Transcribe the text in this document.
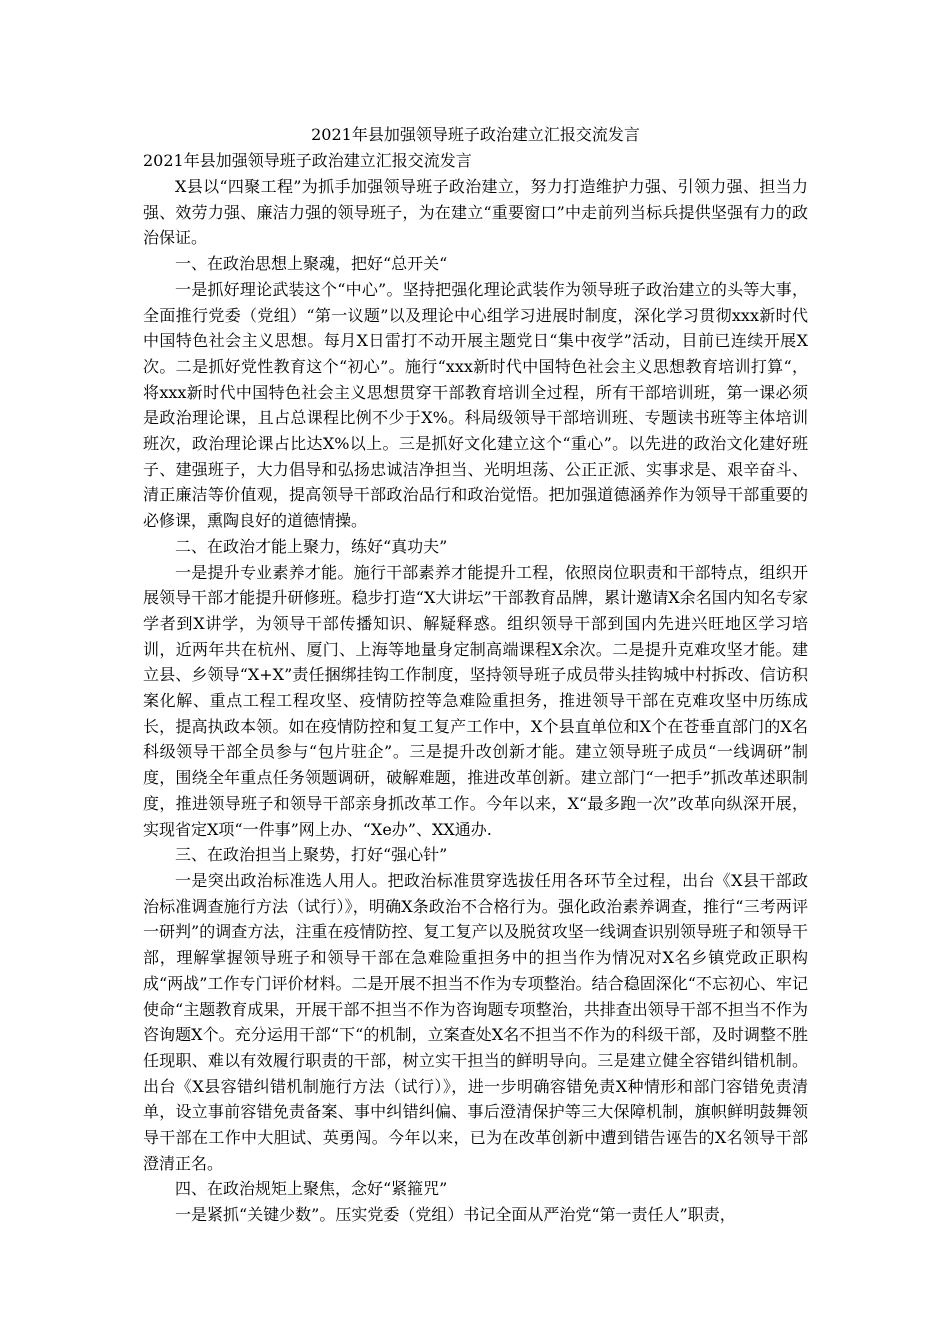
2021年县加强领导班子政治建立汇报交流发言
2021年县加强领导班子政治建立汇报交流发言

X县以“四聚工程”为抓手加强领导班子政治建立，努力打造维护力强、引领力强、担当力强、效劳力强、廉洁力强的领导班子，为在建立“重要窗口”中走前列当标兵提供坚强有力的政治保证。

一、在政治思想上聚魂，把好“总开关“

一是抓好理论武装这个“中心”。坚持把强化理论武装作为领导班子政治建立的头等大事，全面推行党委（党组）“第一议题”以及理论中心组学习进展时制度，深化学习贯彻xxx新时代中国特色社会主义思想。每月X日雷打不动开展主题党日“集中夜学”活动，目前已连续开展X次。二是抓好党性教育这个“初心”。施行“xxx新时代中国特色社会主义思想教育培训打算“，将xxx新时代中国特色社会主义思想贯穿干部教育培训全过程，所有干部培训班，第一课必须是政治理论课，且占总课程比例不少于X%。科局级领导干部培训班、专题读书班等主体培训班次，政治理论课占比达X%以上。三是抓好文化建立这个“重心”。以先进的政治文化建好班子、建强班子，大力倡导和弘扬忠诚洁净担当、光明坦荡、公正正派、实事求是、艰辛奋斗、清正廉洁等价值观，提高领导干部政治品行和政治觉悟。把加强道德涵养作为领导干部重要的必修课，熏陶良好的道德情操。

二、在政治才能上聚力，练好“真功夫”

一是提升专业素养才能。施行干部素养才能提升工程，依照岗位职责和干部特点，组织开展领导干部才能提升研修班。稳步打造“X大讲坛”干部教育品牌，累计邀请X余名国内知名专家学者到X讲学，为领导干部传播知识、解疑释惑。组织领导干部到国内先进兴旺地区学习培训，近两年共在杭州、厦门、上海等地量身定制高端课程X余次。二是提升克难攻坚才能。建立县、乡领导“X+X”责任捆绑挂钩工作制度，坚持领导班子成员带头挂钩城中村拆改、信访积案化解、重点工程工程攻坚、疫情防控等急难险重担务，推进领导干部在克难攻坚中历练成长，提高执政本领。如在疫情防控和复工复产工作中，X个县直单位和X个在苍垂直部门的X名科级领导干部全员参与“包片驻企”。三是提升改创新才能。建立领导班子成员“一线调研”制度，围绕全年重点任务领题调研，破解难题，推进改革创新。建立部门“一把手”抓改革述职制度，推进领导班子和领导干部亲身抓改革工作。今年以来，X“最多跑一次”改革向纵深开展，实现省定X项“一件事”网上办、“Xe办”、XX通办.

三、在政治担当上聚势，打好“强心针”

一是突出政治标准选人用人。把政治标准贯穿选拔任用各环节全过程，出台《X县干部政治标准调查施行方法（试行）》，明确X条政治不合格行为。强化政治素养调查，推行“三考两评一研判”的调查方法，注重在疫情防控、复工复产以及脱贫攻坚一线调查识别领导班子和领导干部，理解掌握领导班子和领导干部在急难险重担务中的担当作为情况对X名乡镇党政正职构成“两战”工作专门评价材料。二是开展不担当不作为专项整治。结合稳固深化“不忘初心、牢记使命“主题教育成果，开展干部不担当不作为咨询题专项整治，共排查出领导干部不担当不作为咨询题X个。充分运用干部“下“的机制，立案查处X名不担当不作为的科级干部，及时调整不胜任现职、难以有效履行职责的干部，树立实干担当的鲜明导向。三是建立健全容错纠错机制。出台《X县容错纠错机制施行方法（试行）》，进一步明确容错免责X种情形和部门容错免责清单，设立事前容错免责备案、事中纠错纠偏、事后澄清保护等三大保障机制，旗帜鲜明鼓舞领导干部在工作中大胆试、英勇闯。今年以来，已为在改革创新中遭到错告诬告的X名领导干部澄清正名。

四、在政治规矩上聚焦，念好“紧箍咒”

一是紧抓“关键少数”。压实党委（党组）书记全面从严治党“第一责任人”职责，
